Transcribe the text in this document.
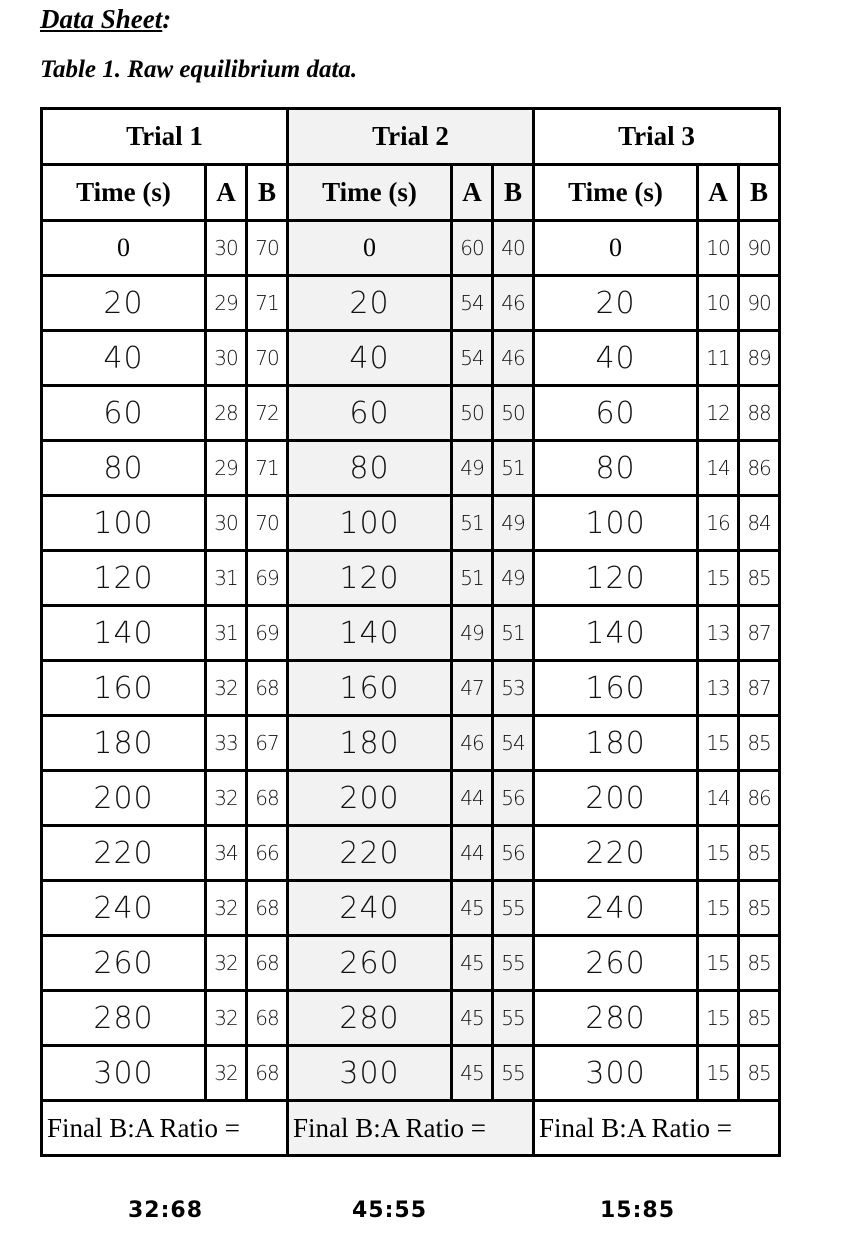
Data Sheet:
Table 1. Raw equilibrium data.
Trial 1			Trial 2			Trial 3		
Time (s)	A	B	Time (s)	A	B	Time (s)	A	B
0	30	70	0	60	40	0	10	90
20	29	71	20	54	46	20	10	90
40	30	70	40	54	46	40	11	89
60	28	72	60	50	50	60	12	88
80	29	71	80	49	51	80	14	86
100	30	70	100	51	49	100	16	84
120	31	69	120	51	49	120	15	85
140	31	69	140	49	51	140	13	87
160	32	68	160	47	53	160	13	87
180	33	67	180	46	54	180	15	85
200	32	68	200	44	56	200	14	86
220	34	66	220	44	56	220	15	85
240	32	68	240	45	55	240	15	85
260	32	68	260	45	55	260	15	85
280	32	68	280	45	55	280	15	85
300	32	68	300	45	55	300	15	85
Final B:A Ratio =			Final B:A Ratio =			Final B:A Ratio =		
32:68	45:55	15:85
